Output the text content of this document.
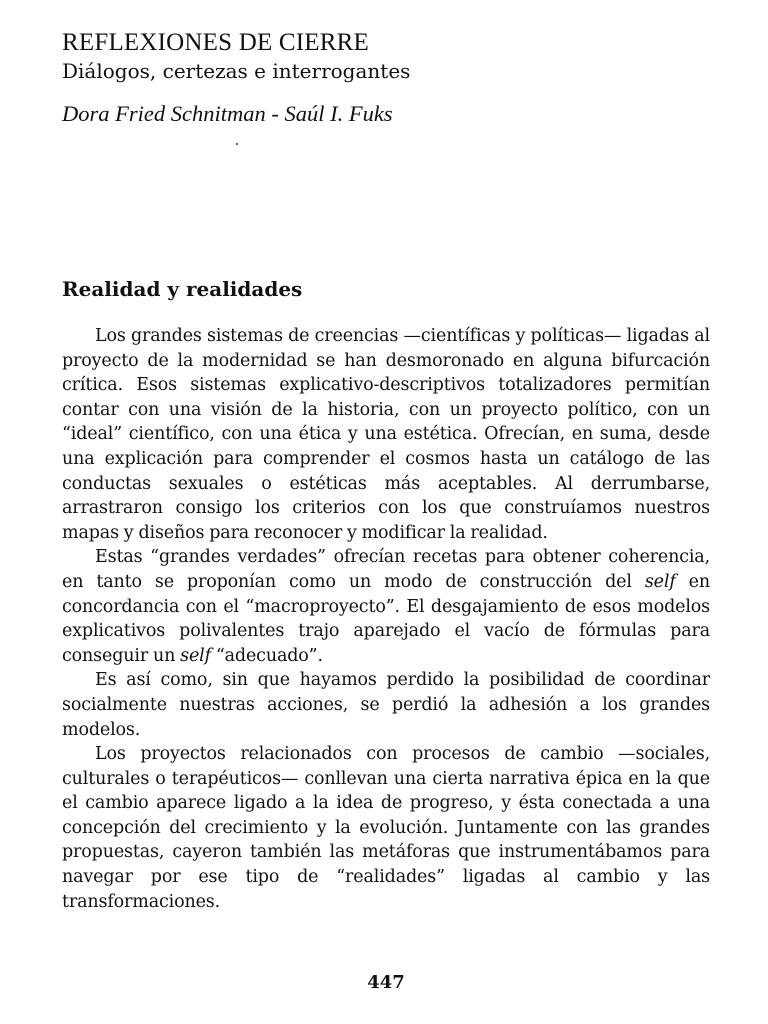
REFLEXIONES DE CIERRE
Diálogos, certezas e interrogantes
Dora Fried Schnitman - Saúl I. Fuks
Realidad y realidades

Los grandes sistemas de creencias —científicas y políticas— ligadas al proyecto de la modernidad se han desmoronado en alguna bifurcación crítica. Esos sistemas explicativo-descriptivos totalizadores permitían contar con una visión de la historia, con un proyecto político, con un “ideal” científico, con una ética y una estética. Ofrecían, en suma, desde una explicación para comprender el cosmos hasta un catálogo de las conductas sexuales o estéticas más aceptables. Al derrumbarse, arrastraron consigo los criterios con los que construíamos nuestros mapas y diseños para reconocer y modificar la realidad.

Estas “grandes verdades” ofrecían recetas para obtener coherencia, en tanto se proponían como un modo de construcción del self en concordancia con el “macroproyecto”. El desgajamiento de esos modelos explicativos polivalentes trajo aparejado el vacío de fórmulas para conseguir un self “adecuado”.

Es así como, sin que hayamos perdido la posibilidad de coordinar socialmente nuestras acciones, se perdió la adhesión a los grandes modelos.

Los proyectos relacionados con procesos de cambio —sociales, culturales o terapéuticos— conllevan una cierta narrativa épica en la que el cambio aparece ligado a la idea de progreso, y ésta conectada a una concepción del crecimiento y la evolución. Juntamente con las grandes propuestas, cayeron también las metáforas que instrumentábamos para navegar por ese tipo de “realidades” ligadas al cambio y las transformaciones.

447
